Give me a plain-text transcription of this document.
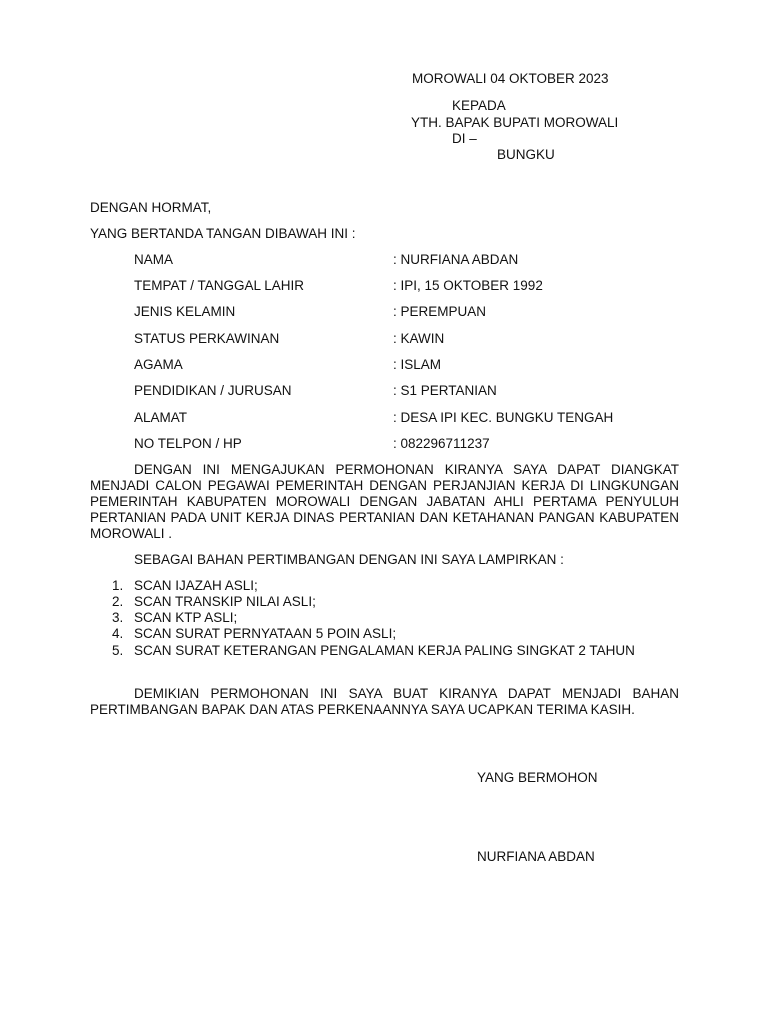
MOROWALI 04 OKTOBER 2023
KEPADA
YTH. BAPAK BUPATI MOROWALI
DI –
BUNGKU
DENGAN HORMAT,
YANG BERTANDA TANGAN DIBAWAH INI :
NAMA	: NURFIANA ABDAN
TEMPAT / TANGGAL LAHIR	: IPI, 15 OKTOBER 1992
JENIS KELAMIN	: PEREMPUAN
STATUS PERKAWINAN	: KAWIN
AGAMA	: ISLAM
PENDIDIKAN / JURUSAN	: S1 PERTANIAN
ALAMAT	: DESA IPI KEC. BUNGKU TENGAH
NO TELPON / HP	: 082296711237
DENGAN INI MENGAJUKAN PERMOHONAN KIRANYA SAYA DAPAT DIANGKAT MENJADI CALON PEGAWAI PEMERINTAH DENGAN PERJANJIAN KERJA DI LINGKUNGAN PEMERINTAH KABUPATEN MOROWALI DENGAN JABATAN AHLI PERTAMA PENYULUH PERTANIAN PADA UNIT KERJA DINAS PERTANIAN DAN KETAHANAN PANGAN KABUPATEN MOROWALI .
SEBAGAI BAHAN PERTIMBANGAN DENGAN INI SAYA LAMPIRKAN :
1. SCAN IJAZAH ASLI;
2. SCAN TRANSKIP NILAI ASLI;
3. SCAN KTP ASLI;
4. SCAN SURAT PERNYATAAN 5 POIN ASLI;
5. SCAN SURAT KETERANGAN PENGALAMAN KERJA PALING SINGKAT 2 TAHUN
DEMIKIAN PERMOHONAN INI SAYA BUAT KIRANYA DAPAT MENJADI BAHAN PERTIMBANGAN BAPAK DAN ATAS PERKENAANNYA SAYA UCAPKAN TERIMA KASIH.
YANG BERMOHON
NURFIANA ABDAN
